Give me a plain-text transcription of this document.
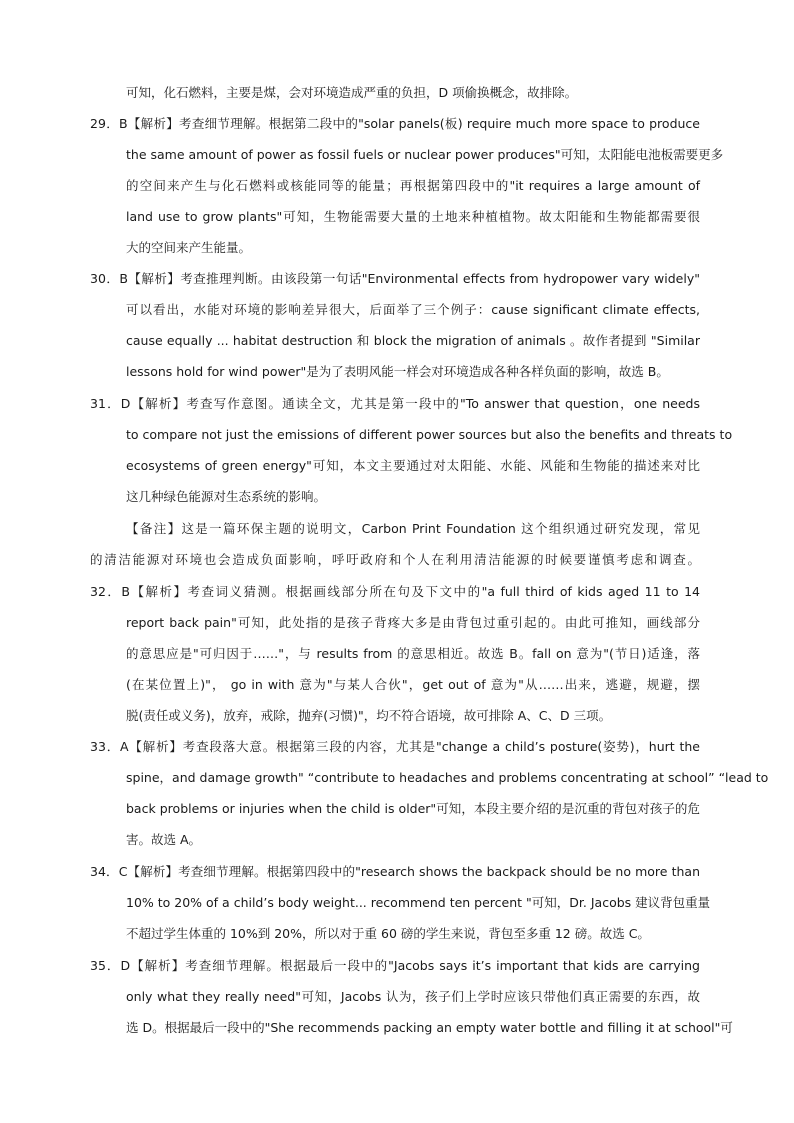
可知，化石燃料，主要是煤，会对环境造成严重的负担，D 项偷换概念，故排除。
29．B【解析】考查细节理解。根据第二段中的"solar panels(板) require much more space to produce
the same amount of power as fossil fuels or nuclear power produces"可知，太阳能电池板需要更多
的空间来产生与化石燃料或核能同等的能量；再根据第四段中的"it requires a large amount of
land use to grow plants"可知，生物能需要大量的土地来种植植物。故太阳能和生物能都需要很
大的空间来产生能量。
30．B【解析】考查推理判断。由该段第一句话"Environmental effects from hydropower vary widely"
可以看出，水能对环境的影响差异很大，后面举了三个例子：cause significant climate effects,
cause equally ... habitat destruction 和 block the migration of animals 。故作者提到 "Similar
lessons hold for wind power"是为了表明风能一样会对环境造成各种各样负面的影响，故选 B。
31．D【解析】考查写作意图。通读全文，尤其是第一段中的"To answer that question，one needs
to compare not just the emissions of different power sources but also the benefits and threats to
ecosystems of green energy"可知，本文主要通过对太阳能、水能、风能和生物能的描述来对比
这几种绿色能源对生态系统的影响。
【备注】这是一篇环保主题的说明文，Carbon Print Foundation 这个组织通过研究发现，常见
的清洁能源对环境也会造成负面影响，呼吁政府和个人在利用清洁能源的时候要谨慎考虑和调查。
32．B【解析】考查词义猜测。根据画线部分所在句及下文中的"a full third of kids aged 11 to 14
report back pain"可知，此处指的是孩子背疼大多是由背包过重引起的。由此可推知，画线部分
的意思应是"可归因于……"，与 results from 的意思相近。故选 B。fall on 意为"(节日)适逢，落
(在某位置上)"， go in with 意为"与某人合伙"，get out of 意为"从……出来，逃避，规避，摆
脱(责任或义务)，放弃，戒除，抛弃(习惯)"，均不符合语境，故可排除 A、C、D 三项。
33．A【解析】考查段落大意。根据第三段的内容，尤其是"change a child’s posture(姿势)，hurt the
spine，and damage growth" “contribute to headaches and problems concentrating at school” “lead to
back problems or injuries when the child is older"可知，本段主要介绍的是沉重的背包对孩子的危
害。故选 A。
34．C【解析】考查细节理解。根据第四段中的"research shows the backpack should be no more than
10% to 20% of a child’s body weight... recommend ten percent "可知，Dr. Jacobs 建议背包重量
不超过学生体重的 10%到 20%，所以对于重 60 磅的学生来说，背包至多重 12 磅。故选 C。
35．D【解析】考查细节理解。根据最后一段中的"Jacobs says it’s important that kids are carrying
only what they really need"可知，Jacobs 认为，孩子们上学时应该只带他们真正需要的东西，故
选 D。根据最后一段中的"She recommends packing an empty water bottle and filling it at school"可
